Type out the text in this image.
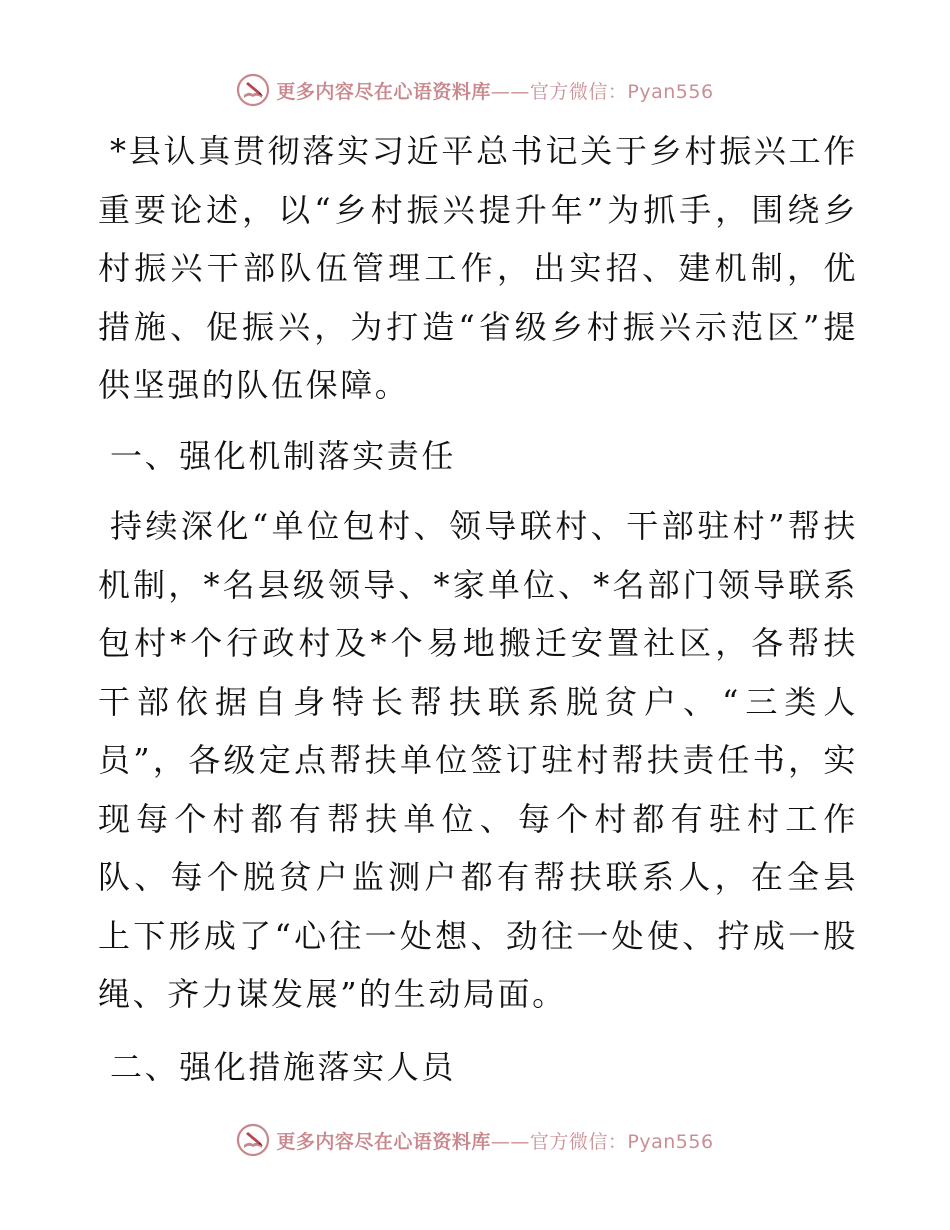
更多内容尽在心语资料库——官方微信：Pyan556

*县认真贯彻落实习近平总书记关于乡村振兴工作重要论述，以“乡村振兴提升年”为抓手，围绕乡村振兴干部队伍管理工作，出实招、建机制，优措施、促振兴，为打造“省级乡村振兴示范区”提供坚强的队伍保障。

一、强化机制落实责任

持续深化“单位包村、领导联村、干部驻村”帮扶机制，*名县级领导、*家单位、*名部门领导联系包村*个行政村及*个易地搬迁安置社区，各帮扶干部依据自身特长帮扶联系脱贫户、“三类人员”，各级定点帮扶单位签订驻村帮扶责任书，实现每个村都有帮扶单位、每个村都有驻村工作队、每个脱贫户监测户都有帮扶联系人，在全县上下形成了“心往一处想、劲往一处使、拧成一股绳、齐力谋发展”的生动局面。

二、强化措施落实人员

更多内容尽在心语资料库——官方微信：Pyan556
